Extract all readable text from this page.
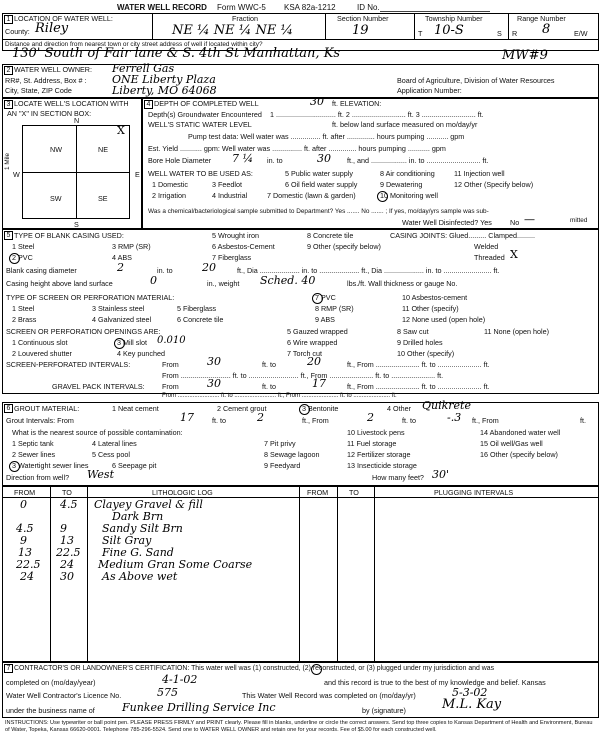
WATER WELL RECORD Form WWC-5 KSA 82a-1212	ID No.
1 LOCATION OF WATER WELL:
County: Riley
Fraction
NE ¼ NE ¼ NE ¼
Section Number
19
Township Number
T 10-S	S
Range Number
R 8	E/W
Distance and direction from nearest town or city street address of well if located within city?
130' South of Fair lane & S. 4th St Manhattan, Ks	MW#9
2 WATER WELL OWNER:
RR#, St. Address, Box # :
City, State, ZIP Code
Ferrell Gas
ONE Liberty Plaza
Liberty, MO 64068
Board of Agriculture, Division of Water Resources
Application Number:
3 LOCATE WELL'S LOCATION WITH
AN "X" IN SECTION BOX:
N
S
W	E
1 Mile
NW	NE
SW	SE
X
4 DEPTH OF COMPLETED WELL	30 ft. ELEVATION:
Depth(s) Groundwater Encountered 1 .............................. ft. 2 ........................... ft. 3 ........................... ft.
WELL'S STATIC WATER LEVEL	ft. below land surface measured on mo/day/yr
Pump test data: Well water was ............... ft. after .............. hours pumping ........... gpm
Est. Yield ........... gpm: Well water was ............... ft. after .............. hours pumping ........... gpm
Bore Hole Diameter 7 ¼ in. to	30 ft., and .................. in. to ........................... ft.
WELL WATER TO BE USED AS:	5 Public water supply	8 Air conditioning	11 Injection well
1 Domestic	3 Feedlot	6 Oil field water supply	9 Dewatering	12 Other (Specify below)
2 Irrigation	4 Industrial	7 Domestic (lawn & garden)	10 Monitoring well
Was a chemical/bacteriological sample submitted to Department? Yes ....... No ....... ; If yes, mo/day/yrs sample was sub-
mitted
Water Well Disinfected? Yes	No —
5 TYPE OF BLANK CASING USED:	5 Wrought iron	8 Concrete tile	CASING JOINTS: Glued......... Clamped.........
1 Steel	3 RMP (SR)	6 Asbestos-Cement	9 Other (specify below)	Welded
2 PVC	4 ABS	7 Fiberglass	Threaded X
Blank casing diameter	2	in. to	20	ft., Dia .................... in. to .................... ft., Dia .................... in. to ........................ ft.
Casing height above land surface	0	in., weight Sched. 40	lbs./ft. Wall thickness or gauge No.
TYPE OF SCREEN OR PERFORATION MATERIAL:
1 Steel	3 Stainless steel	5 Fiberglass
7 PVC	10 Asbestos-cement
8 RMP (SR)	11 Other (specify)
2 Brass	4 Galvanized steel	6 Concrete tile	9 ABS	12 None used (open hole)
SCREEN OR PERFORATION OPENINGS ARE:	5 Gauzed wrapped	8 Saw cut	11 None (open hole)
1 Continuous slot	3 Mill slot 0.010	6 Wire wrapped	9 Drilled holes
2 Louvered shutter	4 Key punched	7 Torch cut	10 Other (specify)
SCREEN-PERFORATED INTERVALS:	From	30	ft. to	20	ft., From ...................... ft. to ...................... ft.
From ......................... ft. to ......................... ft., From ...................... ft. to ...................... ft.
GRAVEL PACK INTERVALS: From	30	ft. to	17	ft., From ...................... ft. to ...................... ft.
From ......................... ft. to ......................... ft., From ...................... ft. to ...................... ft.
6 GROUT MATERIAL:	1 Neat cement	2 Cement grout	3 Bentonite	4 Other Quikrete
Grout Intervals: From	17	ft. to	2	ft., From	2	ft. to	-.3 ft., From	ft.
What is the nearest source of possible contamination:	10 Livestock pens	14 Abandoned water well
1 Septic tank	4 Lateral lines	7 Pit privy	11 Fuel storage	15 Oil well/Gas well
2 Sewer lines	5 Cess pool	8 Sewage lagoon	12 Fertilizer storage	16 Other (specify below)
3 Watertight sewer lines	6 Seepage pit	9 Feedyard	13 Insecticide storage
Direction from well? West	How many feet? 30'
FROM	TO	LITHOLOGIC LOG	FROM	TO	PLUGGING INTERVALS
0	4.5 Clayey Gravel & fill
Dark Brn
4.5 9	Sandy Silt Brn
9	13	Silt Gray
13 22.5 Fine G. Sand
22.5 24 Medium Gran Some Coarse
24 30	As Above wet
7 CONTRACTOR'S OR LANDOWNER'S CERTIFICATION: This water well was (1) constructed, (2) reconstructed, or (3) plugged under my jurisdiction and was
completed on (mo/day/year)	4-1-02	and this record is true to the best of my knowledge and belief. Kansas
Water Well Contractor's Licence No.	575	This Water Well Record was completed on (mo/day/yr)	5-3-02
under the business name of Funkee Drilling Service Inc	by (signature)	M.L. Kay
INSTRUCTIONS: Use typewriter or ball point pen. PLEASE PRESS FIRMLY and PRINT clearly. Please fill in blanks, underline or circle the correct answers. Send top three copies to Kansas Department of Health and Environment, Bureau of Water, Topeka, Kansas 66620-0001. Telephone 785-296-5524. Send one to WATER WELL OWNER and retain one for your records. Fee of $5.00 for each constructed well.
